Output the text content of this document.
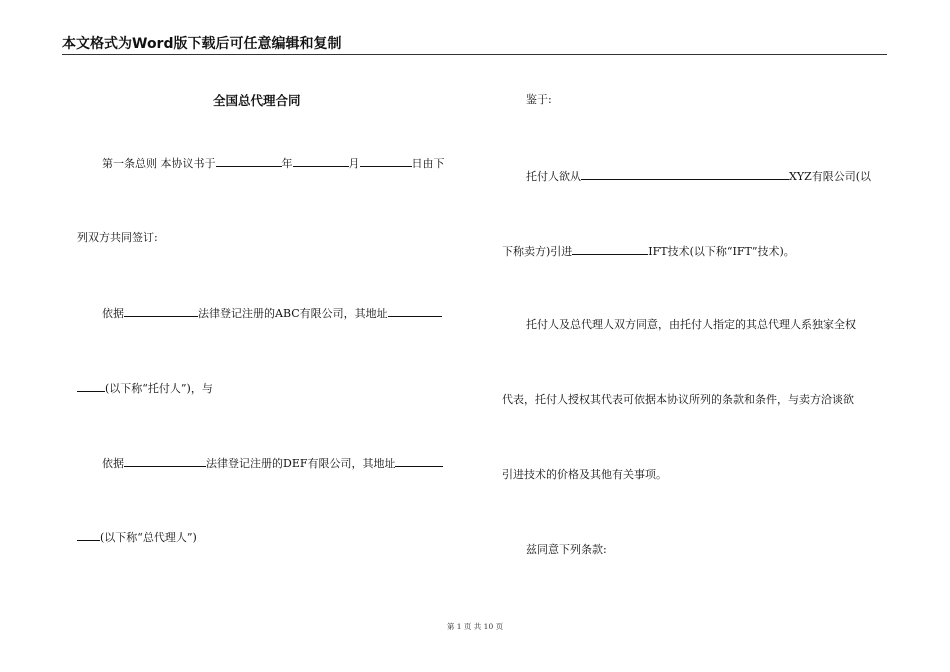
本文格式为Word版下载后可任意编辑和复制
全国总代理合同
第一条总则 本协议书于	年	月	日由下
列双方共同签订:
依据	法律登记注册的ABC有限公司，其地址
(以下称“托付人”)，与
依据	法律登记注册的DEF有限公司，其地址
(以下称“总代理人”)
鉴于:
托付人欲从	XYZ有限公司(以
下称卖方)引进	IFT技术(以下称“IFT”技术)。
托付人及总代理人双方同意，由托付人指定的其总代理人系独家全权
代表，托付人授权其代表可依据本协议所列的条款和条件，与卖方洽谈欲
引进技术的价格及其他有关事项。
兹同意下列条款:
第 1 页 共 10 页
